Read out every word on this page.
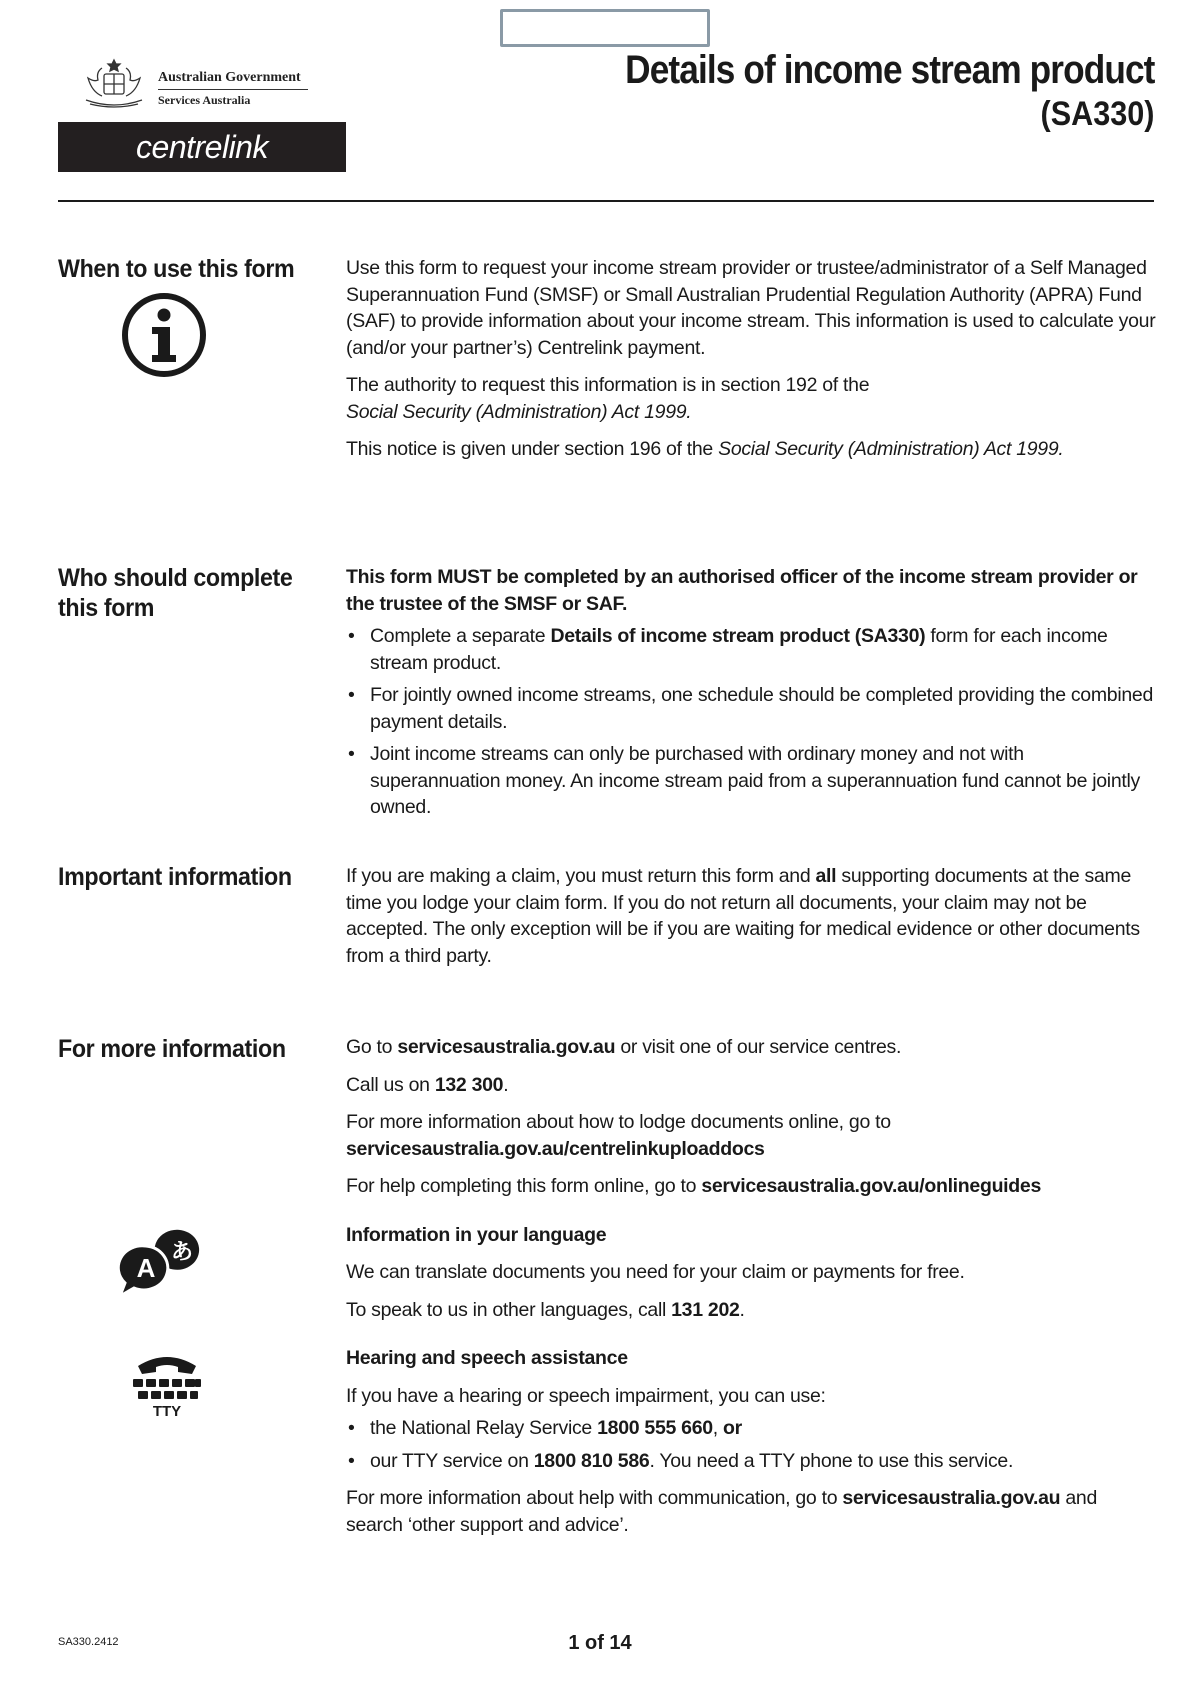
Australian Government
Services Australia
centrelink
Details of income stream product
(SA330)
When to use this form	Use this form to request your income stream provider or trustee/administrator of a Self Managed Superannuation Fund (SMSF) or Small Australian Prudential Regulation Authority (APRA) Fund (SAF) to provide information about your income stream. This information is used to calculate your (and/or your partner’s) Centrelink payment.

The authority to request this information is in section 192 of the
Social Security (Administration) Act 1999.

This notice is given under section 196 of the Social Security (Administration) Act 1999.

Who should complete this form

This form MUST be completed by an authorised officer of the income stream provider or the trustee of the SMSF or SAF.

• Complete a separate Details of income stream product (SA330) form for each income stream product.
• For jointly owned income streams, one schedule should be completed providing the combined payment details.
• Joint income streams can only be purchased with ordinary money and not with superannuation money. An income stream paid from a superannuation fund cannot be jointly owned.
Important information	If you are making a claim, you must return this form and all supporting documents at the same time you lodge your claim form. If you do not return all documents, your claim may not be accepted. The only exception will be if you are waiting for medical evidence or other documents from a third party.

For more information	Go to servicesaustralia.gov.au or visit one of our service centres.

Call us on 132 300.

For more information about how to lodge documents online, go to
servicesaustralia.gov.au/centrelinkuploaddocs

For help completing this form online, go to servicesaustralia.gov.au/onlineguides

Information in your language

We can translate documents you need for your claim or payments for free.

To speak to us in other languages, call 131 202.

Hearing and speech assistance

If you have a hearing or speech impairment, you can use:

• the National Relay Service 1800 555 660, or
• our TTY service on 1800 810 586. You need a TTY phone to use this service.

For more information about help with communication, go to servicesaustralia.gov.au and search ‘other support and advice’.

あ
A
TTY
SA330.2412	1 of 14
